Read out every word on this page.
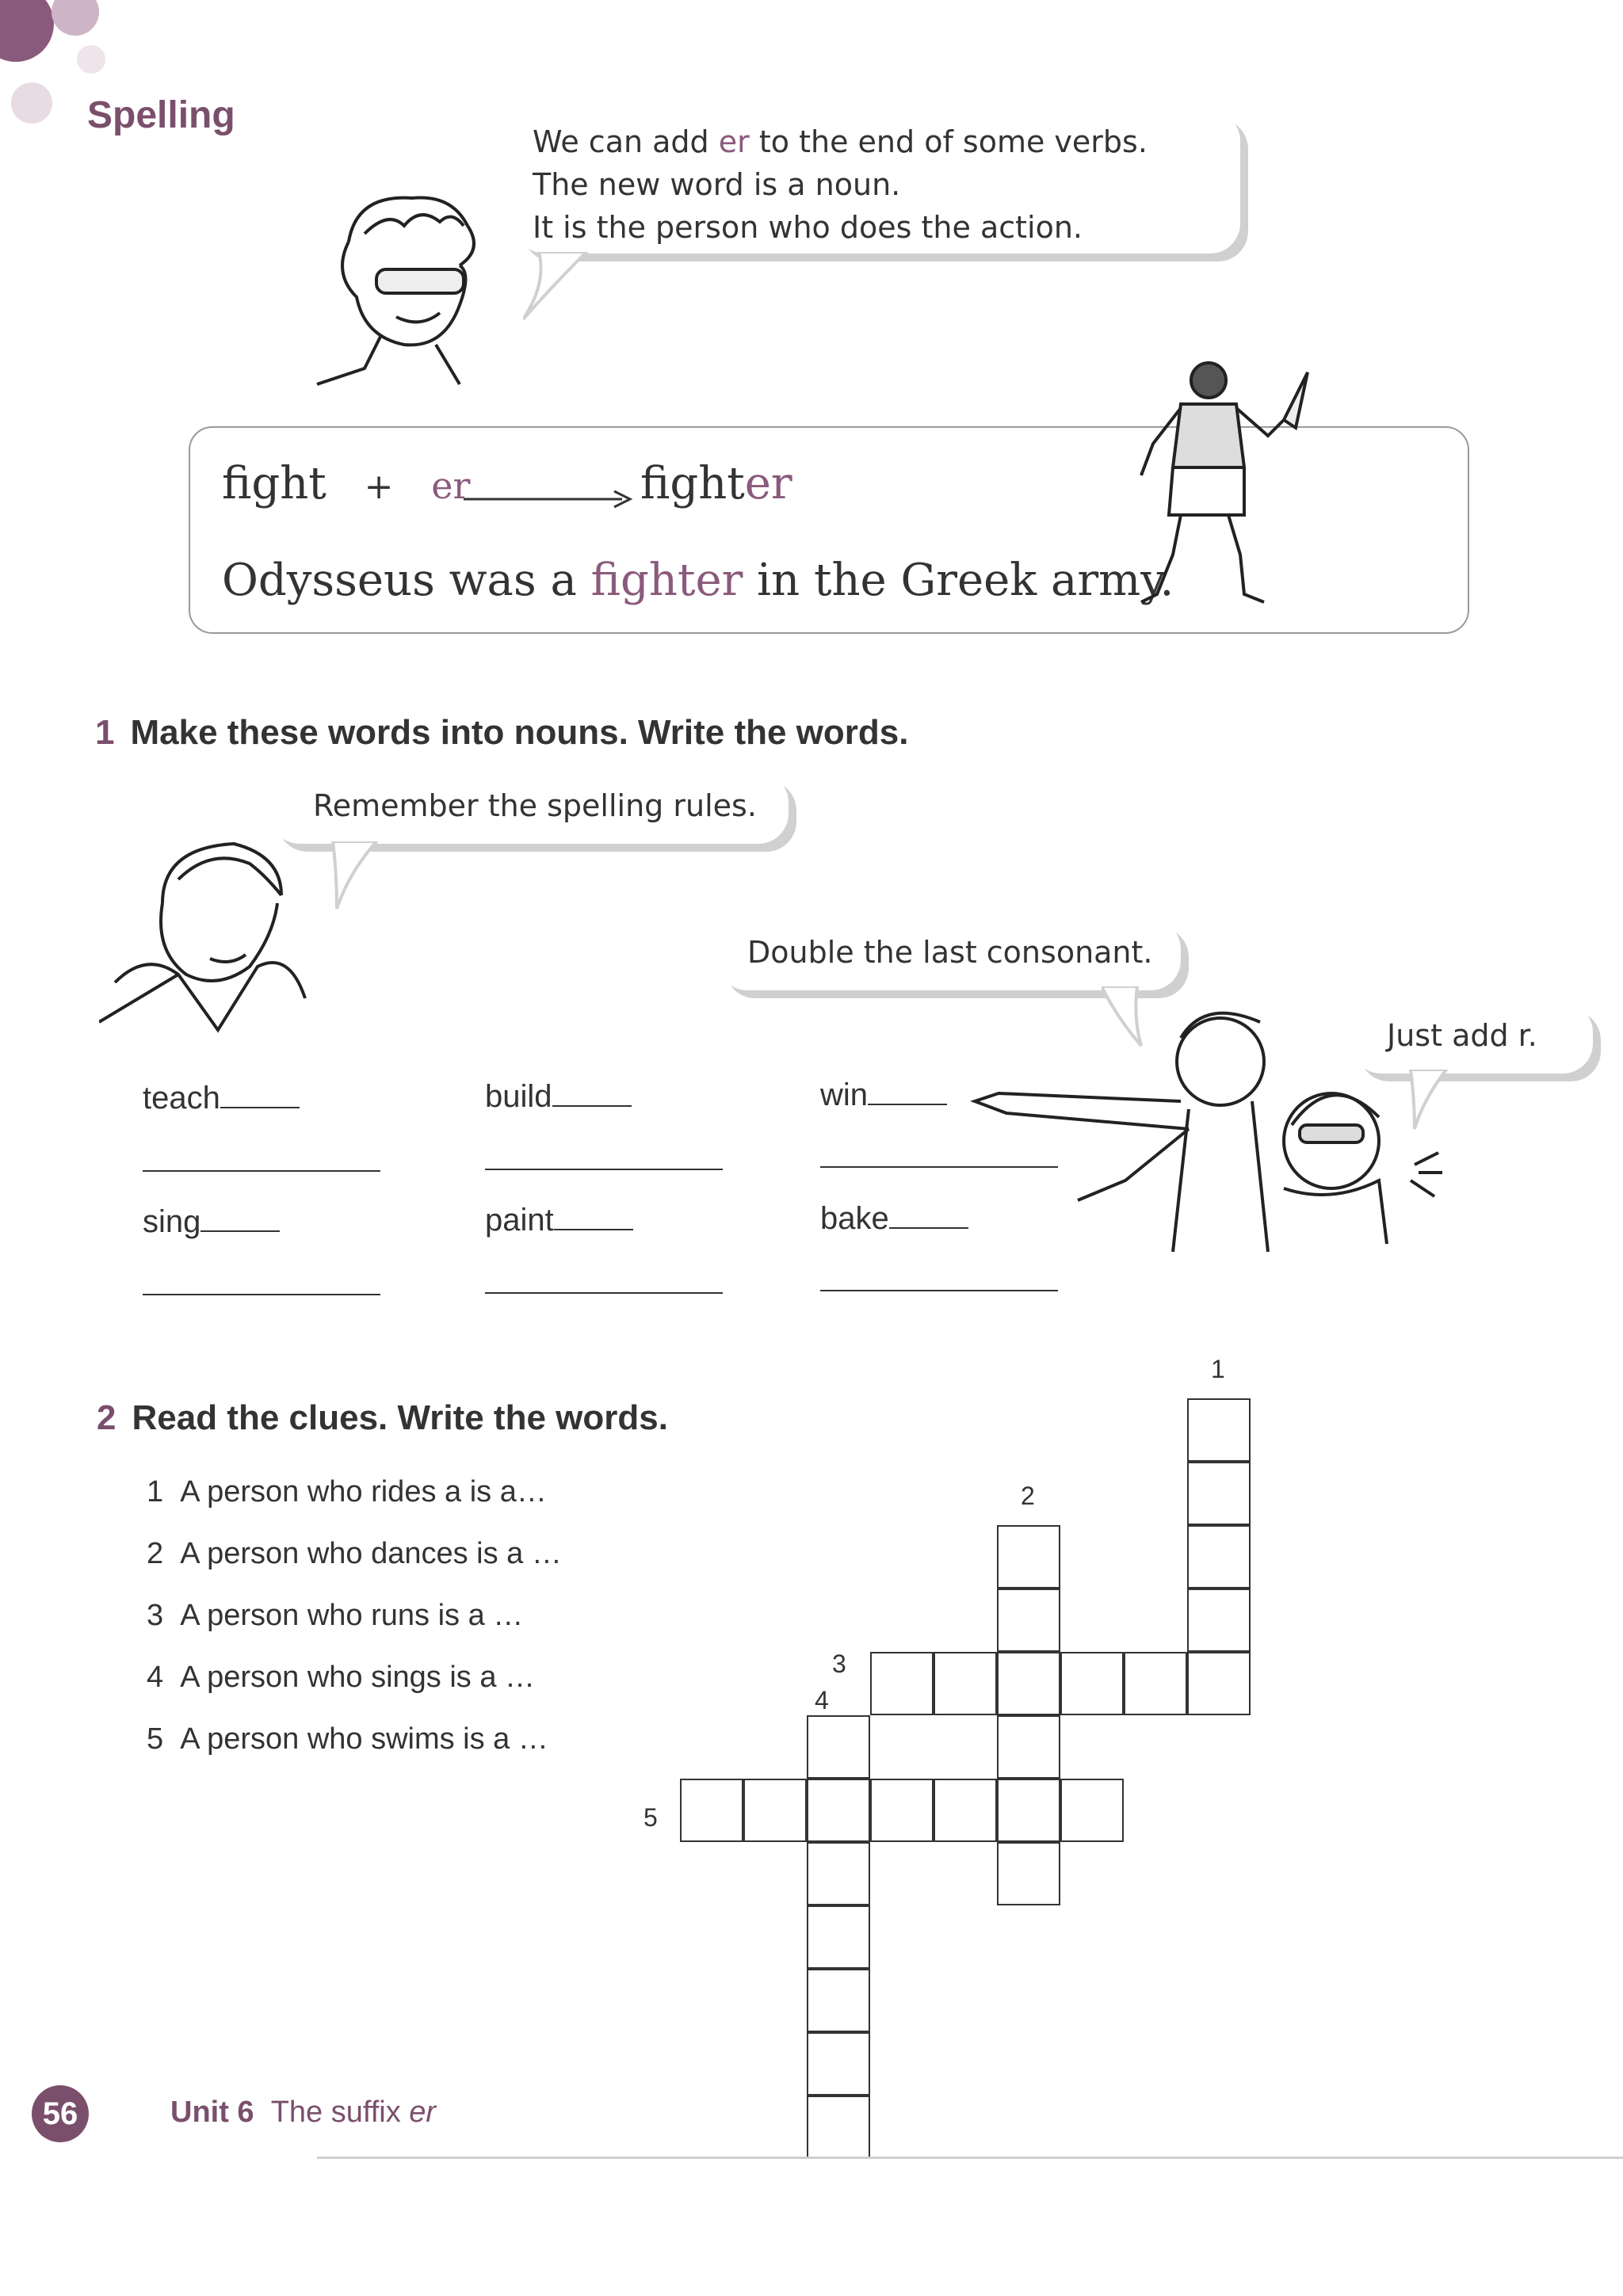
Spelling
We can add er to the end of some verbs.
The new word is a noun.
It is the person who does the action.
fight + er	fighter
Odysseus was a fighter in the Greek army.
1 Make these words into nouns. Write the words.
Remember the spelling rules.
Double the last consonant.
Just add r.
teach	build	win
sing	paint	bake
2 Read the clues. Write the words.
1 A person who rides a is a…
2 A person who dances is a …
3 A person who runs is a …
4 A person who sings is a …
5 A person who swims is a …
1
2
3
4
5
56	Unit 6 The suffix er
